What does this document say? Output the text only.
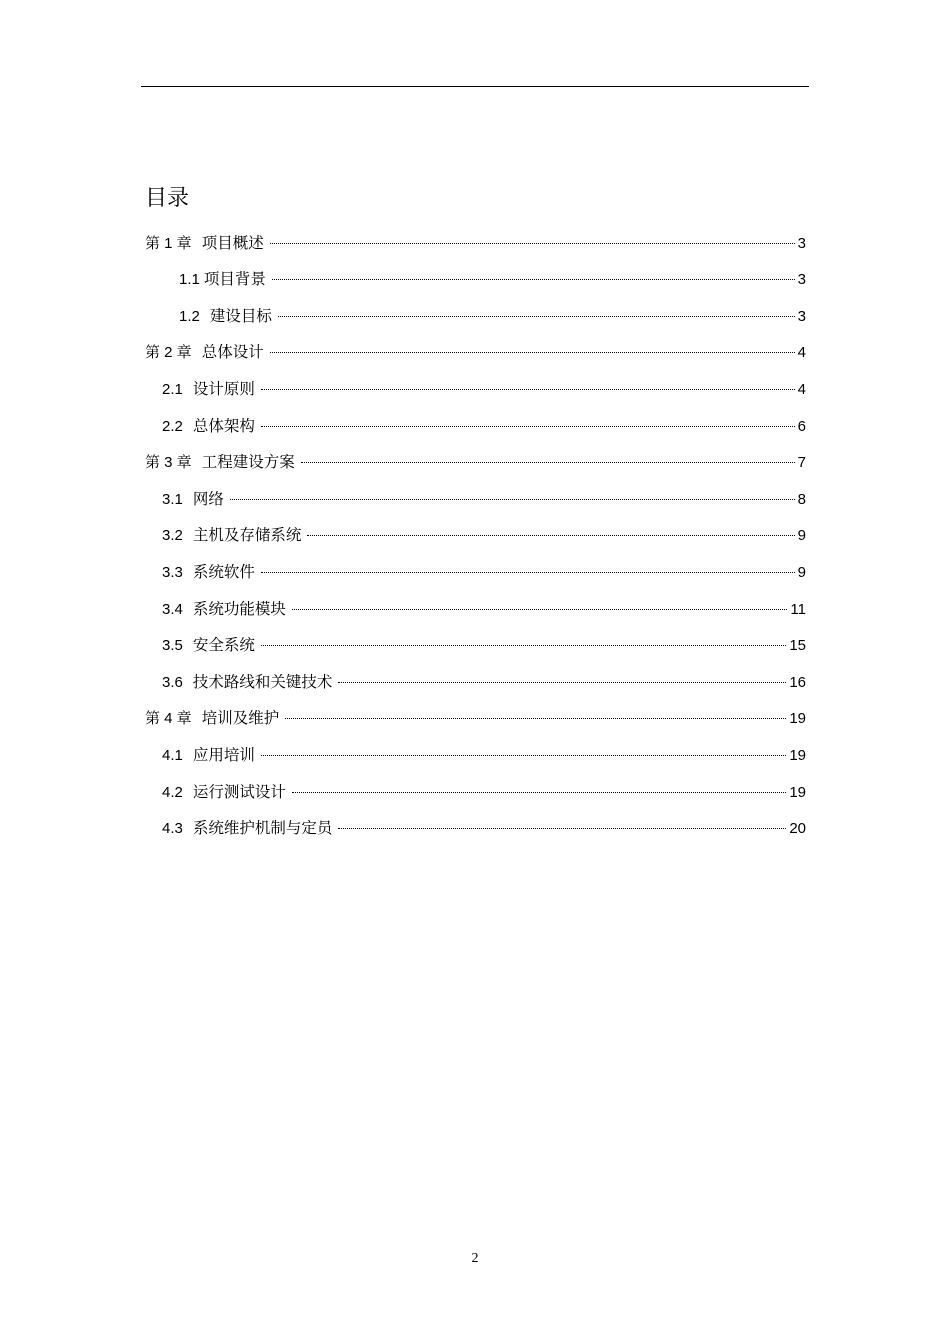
目录
第 1 章 项目概述	3
1.1 项目背景	3
1.2 建设目标	3
第 2 章 总体设计	4
2.1 设计原则	4
2.2 总体架构	6
第 3 章 工程建设方案	7
3.1 网络	8
3.2 主机及存储系统	9
3.3 系统软件	9
3.4 系统功能模块	11
3.5 安全系统	15
3.6 技术路线和关键技术	16
第 4 章 培训及维护	19
4.1 应用培训	19
4.2 运行测试设计	19
4.3 系统维护机制与定员	20
2
